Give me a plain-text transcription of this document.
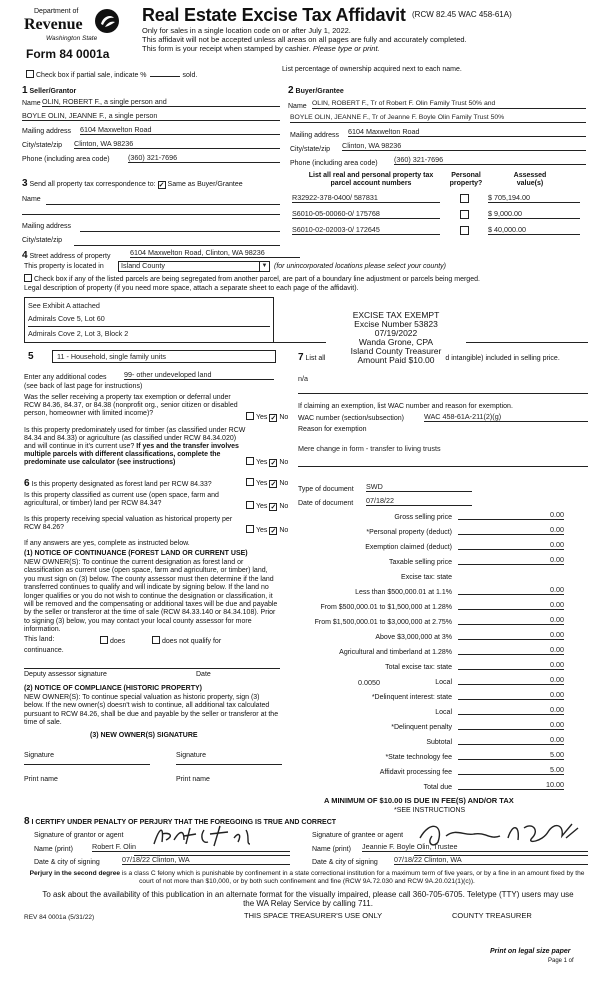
Department of
Revenue
Washington State
Form 84 0001a
Real Estate Excise Tax Affidavit (RCW 82.45 WAC 458-61A)
Only for sales in a single location code on or after July 1, 2022.
This affidavit will not be accepted unless all areas on all pages are fully and accurately completed.
This form is your receipt when stamped by cashier. Please type or print.
Check box if partial sale, indicate %	sold.
List percentage of ownership acquired next to each name.
1 Seller/Grantor
Name OLIN, ROBERT F., a single person and
BOYLE OLIN, JEANNE F., a single person
Mailing address 6104 Maxwelton Road
City/state/zip Clinton, WA 98236
Phone (including area code)	(360) 321-7696
2 Buyer/Grantee
Name OLIN, ROBERT F., Tr of Robert F. Olin Family Trust 50% and
BOYLE OLIN, JEANNE F., Tr of Jeanne F. Boyle Olin Family Trust 50%
Mailing address 6104 Maxwelton Road
City/state/zip Clinton, WA 98236
Phone (including area code) (360) 321-7696
3 Send all property tax correspondence to: ✓ Same as Buyer/Grantee
Name
Mailing address
City/state/zip
List all real and personal property tax
parcel account numbers
Personal
property?
Assessed
value(s)
R32922-378-0400/ 587831	$ 705,194.00
S6010-05-00060-0/ 175768	$ 9,000.00
S6010-02-02003-0/ 172645	$ 40,000.00
4 Street address of property	6104 Maxwelton Road, Clinton, WA 98236
This property is located in	Island County	▼ (for unincorporated locations please select your county)
Check box if any of the listed parcels are being segregated from another parcel, are part of a boundary line adjustment or parcels being merged.
Legal description of property (if you need more space, attach a separate sheet to each page of the affidavit).
See Exhibit A attached
Admirals Cove 5, Lot 60
Admirals Cove 2, Lot 3, Block 2
EXCISE TAX EXEMPT
Excise Number 53823
07/19/2022
Wanda Grone, CPA
Island County Treasurer
Amount Paid $10.00
5	11 - Household, single family units
Enter any additional codes 99- other undeveloped land
(see back of last page for instructions)
Was the seller receiving a property tax exemption or deferral under RCW 84.36, 84.37, or 84.38 (nonprofit org., senior citizen or disabled person, homeowner with limited income)?
Yes ✓ No
Is this property predominately used for timber (as classified under RCW 84.34 and 84.33) or agriculture (as classified under RCW 84.34.020) and will continue in it's current use? If yes and the transfer involves multiple parcels with different classifications, complete the predominate use calculator (see instructions)	Yes ✓ No
6 Is this property designated as forest land per RCW 84.33?	Yes ✓ No
Is this property classified as current use (open space, farm and agricultural, or timber) land per RCW 84.34?	Yes ✓ No
Is this property receiving special valuation as historical property per RCW 84.26?	Yes ✓ No
If any answers are yes, complete as instructed below.
(1) NOTICE OF CONTINUANCE (FOREST LAND OR CURRENT USE)
NEW OWNER(S): To continue the current designation as forest land or classification as current use (open space, farm and agriculture, or timber) land, you must sign on (3) below. The county assessor must then determine if the land transferred continues to qualify and will indicate by signing below. If the land no longer qualifies or you do not wish to continue the designation or classification, it will be removed and the compensating or additional taxes will be due and payable by the seller or transferor at the time of sale (RCW 84.33.140 or 84.34.108). Prior to signing (3) below, you may contact your local county assessor for more information.
This land:	does	does not qualify for
continuance.
Deputy assessor signature	Date
(2) NOTICE OF COMPLIANCE (HISTORIC PROPERTY)
NEW OWNER(S): To continue special valuation as historic property, sign (3) below. If the new owner(s) doesn't wish to continue, all additional tax calculated pursuant to RCW 84.26, shall be due and payable by the seller or transferor at the time of sale.
(3) NEW OWNER(S) SIGNATURE
Signature	Signature
Print name	Print name
7 List all	d intangible) included in selling price.
n/a
If claiming an exemption, list WAC number and reason for exemption.
WAC number (section/subsection)	WAC 458-61A-211(2)(g)
Reason for exemption
Mere change in form - transfer to living trusts
Type of document SWD
Date of document 07/18/22
Gross selling price	0.00
*Personal property (deduct)	0.00
Exemption claimed (deduct)	0.00
Taxable selling price	0.00
Excise tax: state
Less than $500,000.01 at 1.1%	0.00
From $500,000.01 to $1,500,000 at 1.28%	0.00
From $1,500,000.01 to $3,000,000 at 2.75%	0.00
Above $3,000,000 at 3%	0.00
Agricultural and timberland at 1.28%	0.00
Total excise tax: state	0.00
0.0050	Local	0.00
*Delinquent interest: state	0.00
Local	0.00
*Delinquent penalty	0.00
Subtotal	0.00
*State technology fee	5.00
Affidavit processing fee	5.00
Total due	10.00
A MINIMUM OF $10.00 IS DUE IN FEE(S) AND/OR TAX
*SEE INSTRUCTIONS
8 I CERTIFY UNDER PENALTY OF PERJURY THAT THE FOREGOING IS TRUE AND CORRECT
Signature of grantor or agent
Name (print)	Robert F. Olin
Date & city of signing	07/18/22 Clinton, WA
Signature of grantee or agent
Name (print) Jeannie F. Boyle Olin, Trustee
Date & city of signing 07/18/22 Clinton, WA
Perjury in the second degree is a class C felony which is punishable by confinement in a state correctional institution for a maximum term of five years, or by a fine in an amount fixed by the court of not more than $10,000, or by both such confinement and fine (RCW 9A.72.030 and RCW 9A.20.021(1)(c)).
To ask about the availability of this publication in an alternate format for the visually impaired, please call 360-705-6705. Teletype (TTY) users may use the WA Relay Service by calling 711.
REV 84 0001a (5/31/22)	THIS SPACE TREASURER'S USE ONLY	COUNTY TREASURER
Print on legal size paper
Page 1 of
